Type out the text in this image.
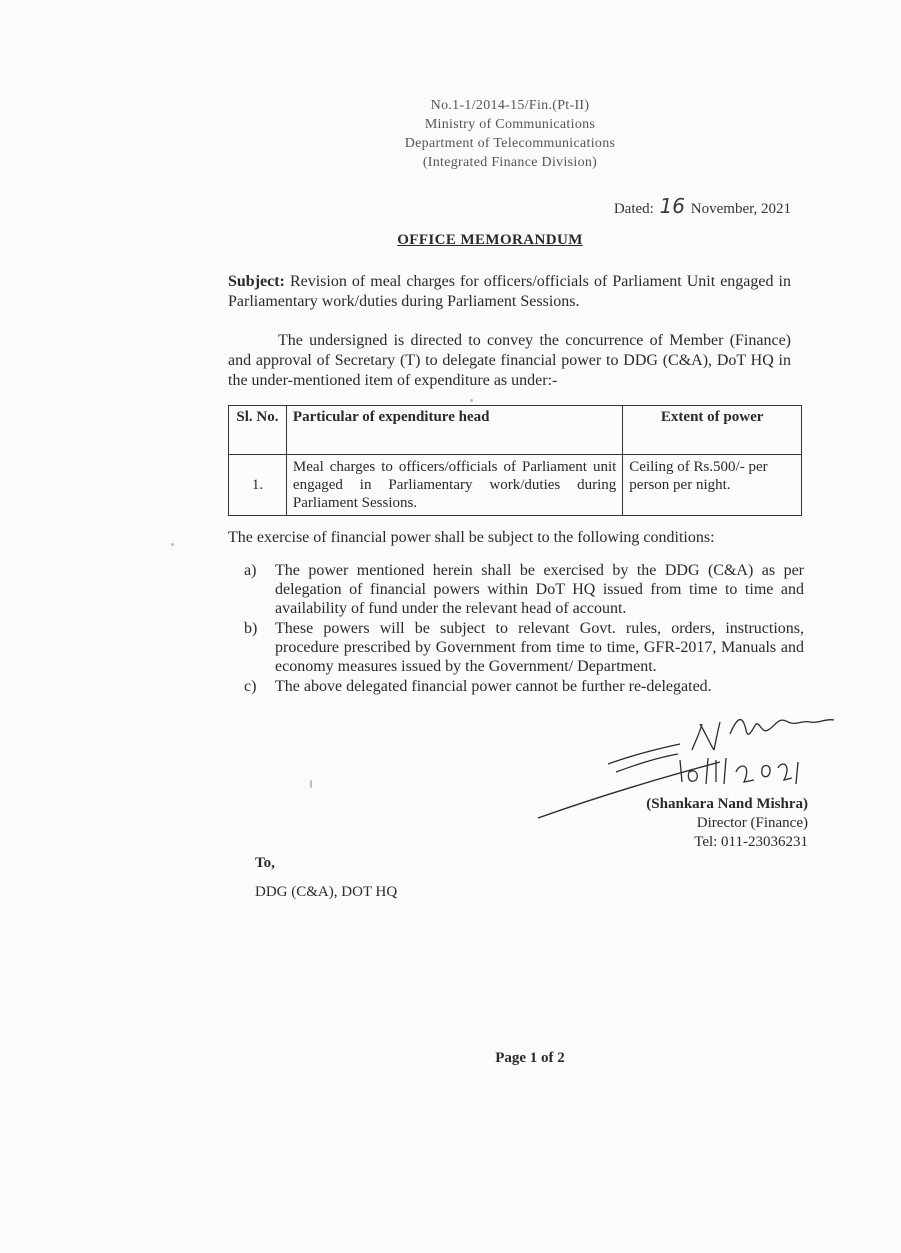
No.1-1/2014-15/Fin.(Pt-II)
Ministry of Communications
Department of Telecommunications
(Integrated Finance Division)
Dated: 16 November, 2021
OFFICE MEMORANDUM
Subject: Revision of meal charges for officers/officials of Parliament Unit engaged in Parliamentary work/duties during Parliament Sessions.
The undersigned is directed to convey the concurrence of Member (Finance) and approval of Secretary (T) to delegate financial power to DDG (C&A), DoT HQ in the under-mentioned item of expenditure as under:-
Sl. No.	Particular of expenditure head	Extent of power
1.	Meal charges to officers/officials of Parliament unit engaged in Parliamentary work/duties during Parliament Sessions.	Ceiling of Rs.500/- per person per night.
The exercise of financial power shall be subject to the following conditions:
a)	The power mentioned herein shall be exercised by the DDG (C&A) as per delegation of financial powers within DoT HQ issued from time to time and availability of fund under the relevant head of account.
b)	These powers will be subject to relevant Govt. rules, orders, instructions, procedure prescribed by Government from time to time, GFR-2017, Manuals and economy measures issued by the Government/ Department.
c)	The above delegated financial power cannot be further re-delegated.
(Shankara Nand Mishra)
Director (Finance)
Tel: 011-23036231
To,
DDG (C&A), DOT HQ
Page 1 of 2
